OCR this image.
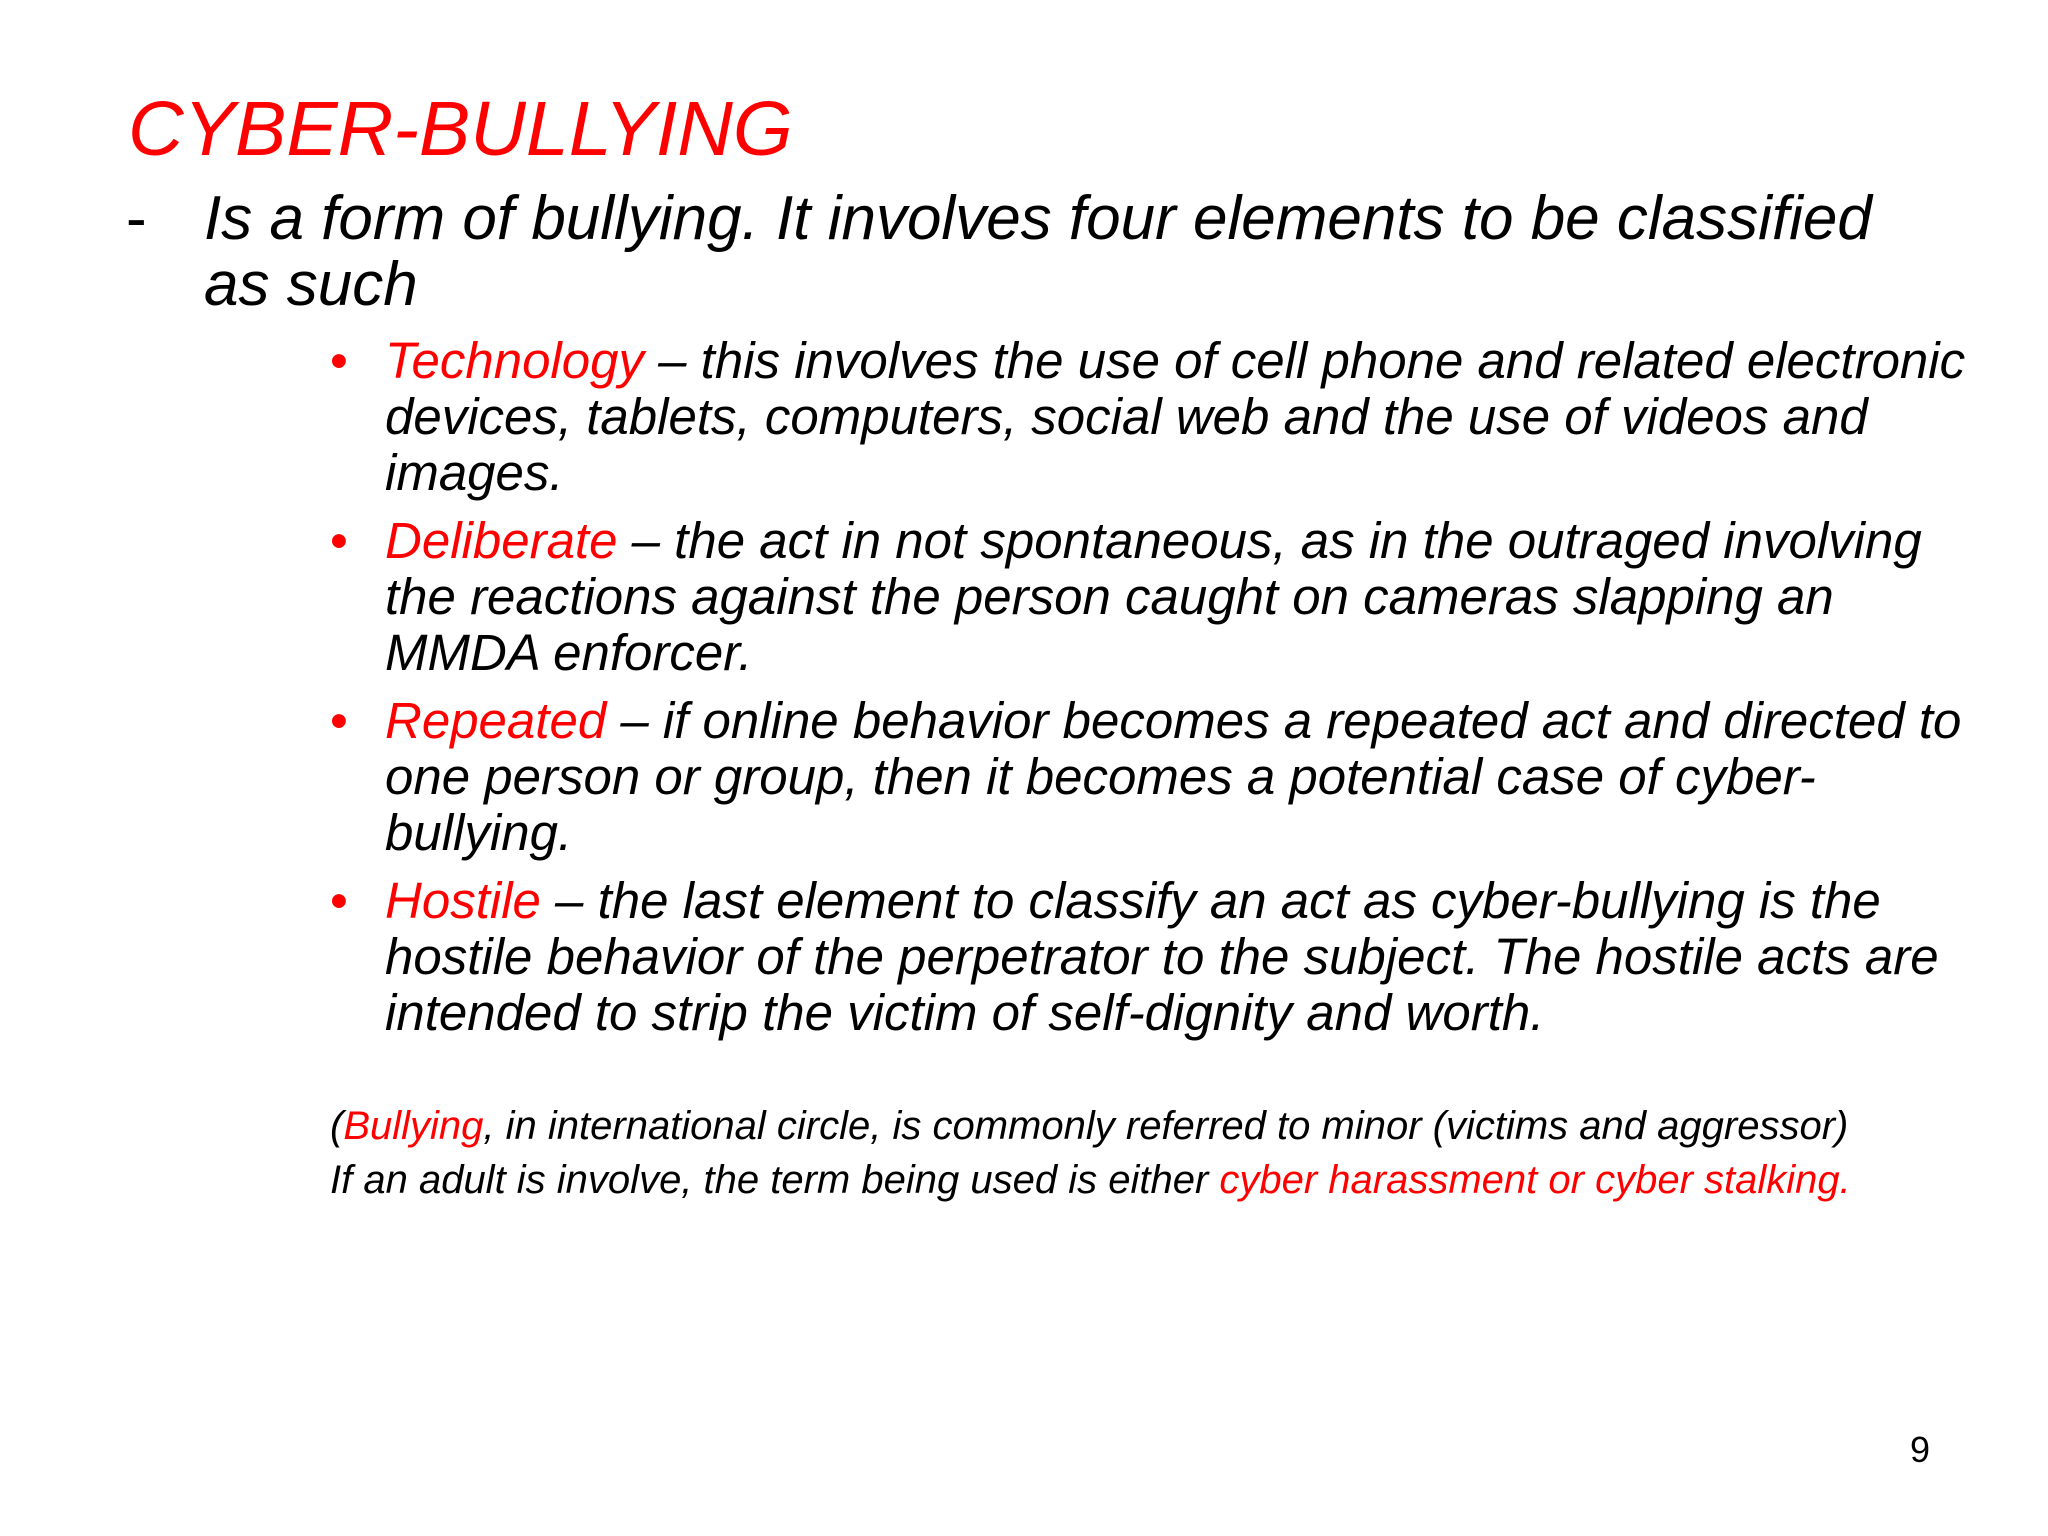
CYBER-BULLYING
- Is a form of bullying. It involves four elements to be classified as such
• Technology – this involves the use of cell phone and related electronic devices, tablets, computers, social web and the use of videos and images.
• Deliberate – the act in not spontaneous, as in the outraged involving the reactions against the person caught on cameras slapping an MMDA enforcer.
• Repeated – if online behavior becomes a repeated act and directed to one person or group, then it becomes a potential case of cyber-bullying.
• Hostile – the last element to classify an act as cyber-bullying is the hostile behavior of the perpetrator to the subject. The hostile acts are intended to strip the victim of self-dignity and worth.
(Bullying, in international circle, is commonly referred to minor (victims and aggressor)
If an adult is involve, the term being used is either cyber harassment or cyber stalking.
9
